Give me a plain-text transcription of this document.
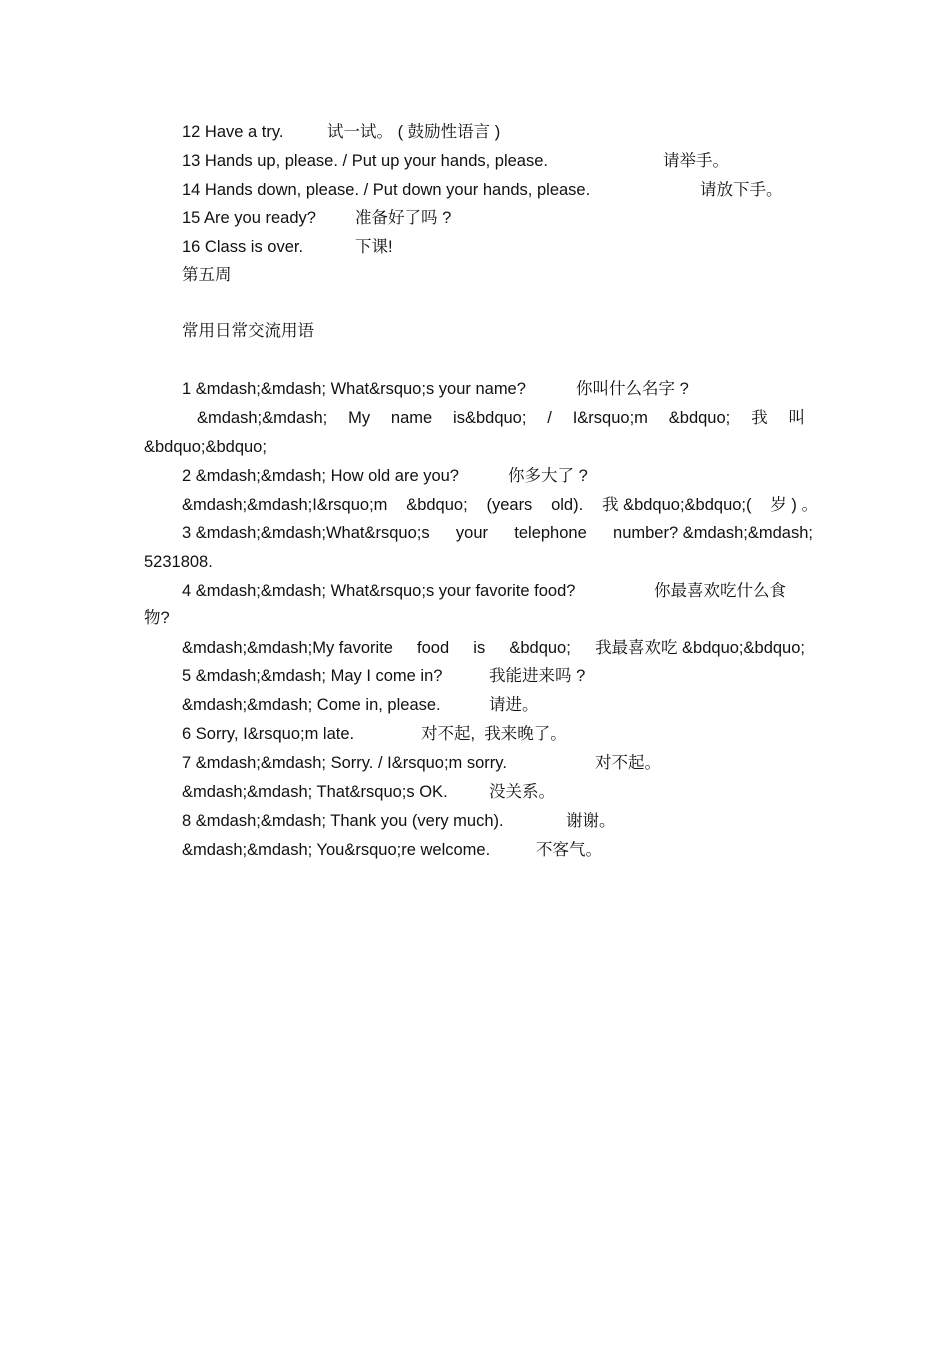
12 Have a try.	试一试。 ( 鼓励性语言 )
13 Hands up, please. / Put up your hands, please.	请举手。
14 Hands down, please. / Put down your hands, please.	请放下手。
15 Are you ready? 准备好了吗 ?
16 Class is over.	下课!
第五周
常用日常交流用语
1 &mdash;&mdash; What&rsquo;s your name?	你叫什么名字 ?
&mdash;&mdash; My name is&bdquo; / I&rsquo;m &bdquo; 我 叫
&bdquo;&bdquo;
2 &mdash;&mdash; How old are you?	你多大了 ?
&mdash;&mdash;I&rsquo;m &bdquo; (years old). 我 &bdquo;&bdquo;( 岁 ) 。
3 &mdash;&mdash;What&rsquo;s your telephone number? &mdash;&mdash;
5231808.
4 &mdash;&mdash; What&rsquo;s your favorite food?	你最喜欢吃什么食
物?
&mdash;&mdash;My favorite food is &bdquo; 我最喜欢吃 &bdquo;&bdquo;
5 &mdash;&mdash; May I come in?	我能进来吗 ?
&mdash;&mdash; Come in, please.	请进。
6 Sorry, I&rsquo;m late.	对不起,  我来晚了。
7 &mdash;&mdash; Sorry. / I&rsquo;m sorry.	对不起。
&mdash;&mdash; That&rsquo;s OK.	没关系。
8 &mdash;&mdash; Thank you (very much).	谢谢。
&mdash;&mdash; You&rsquo;re welcome.	不客气。
